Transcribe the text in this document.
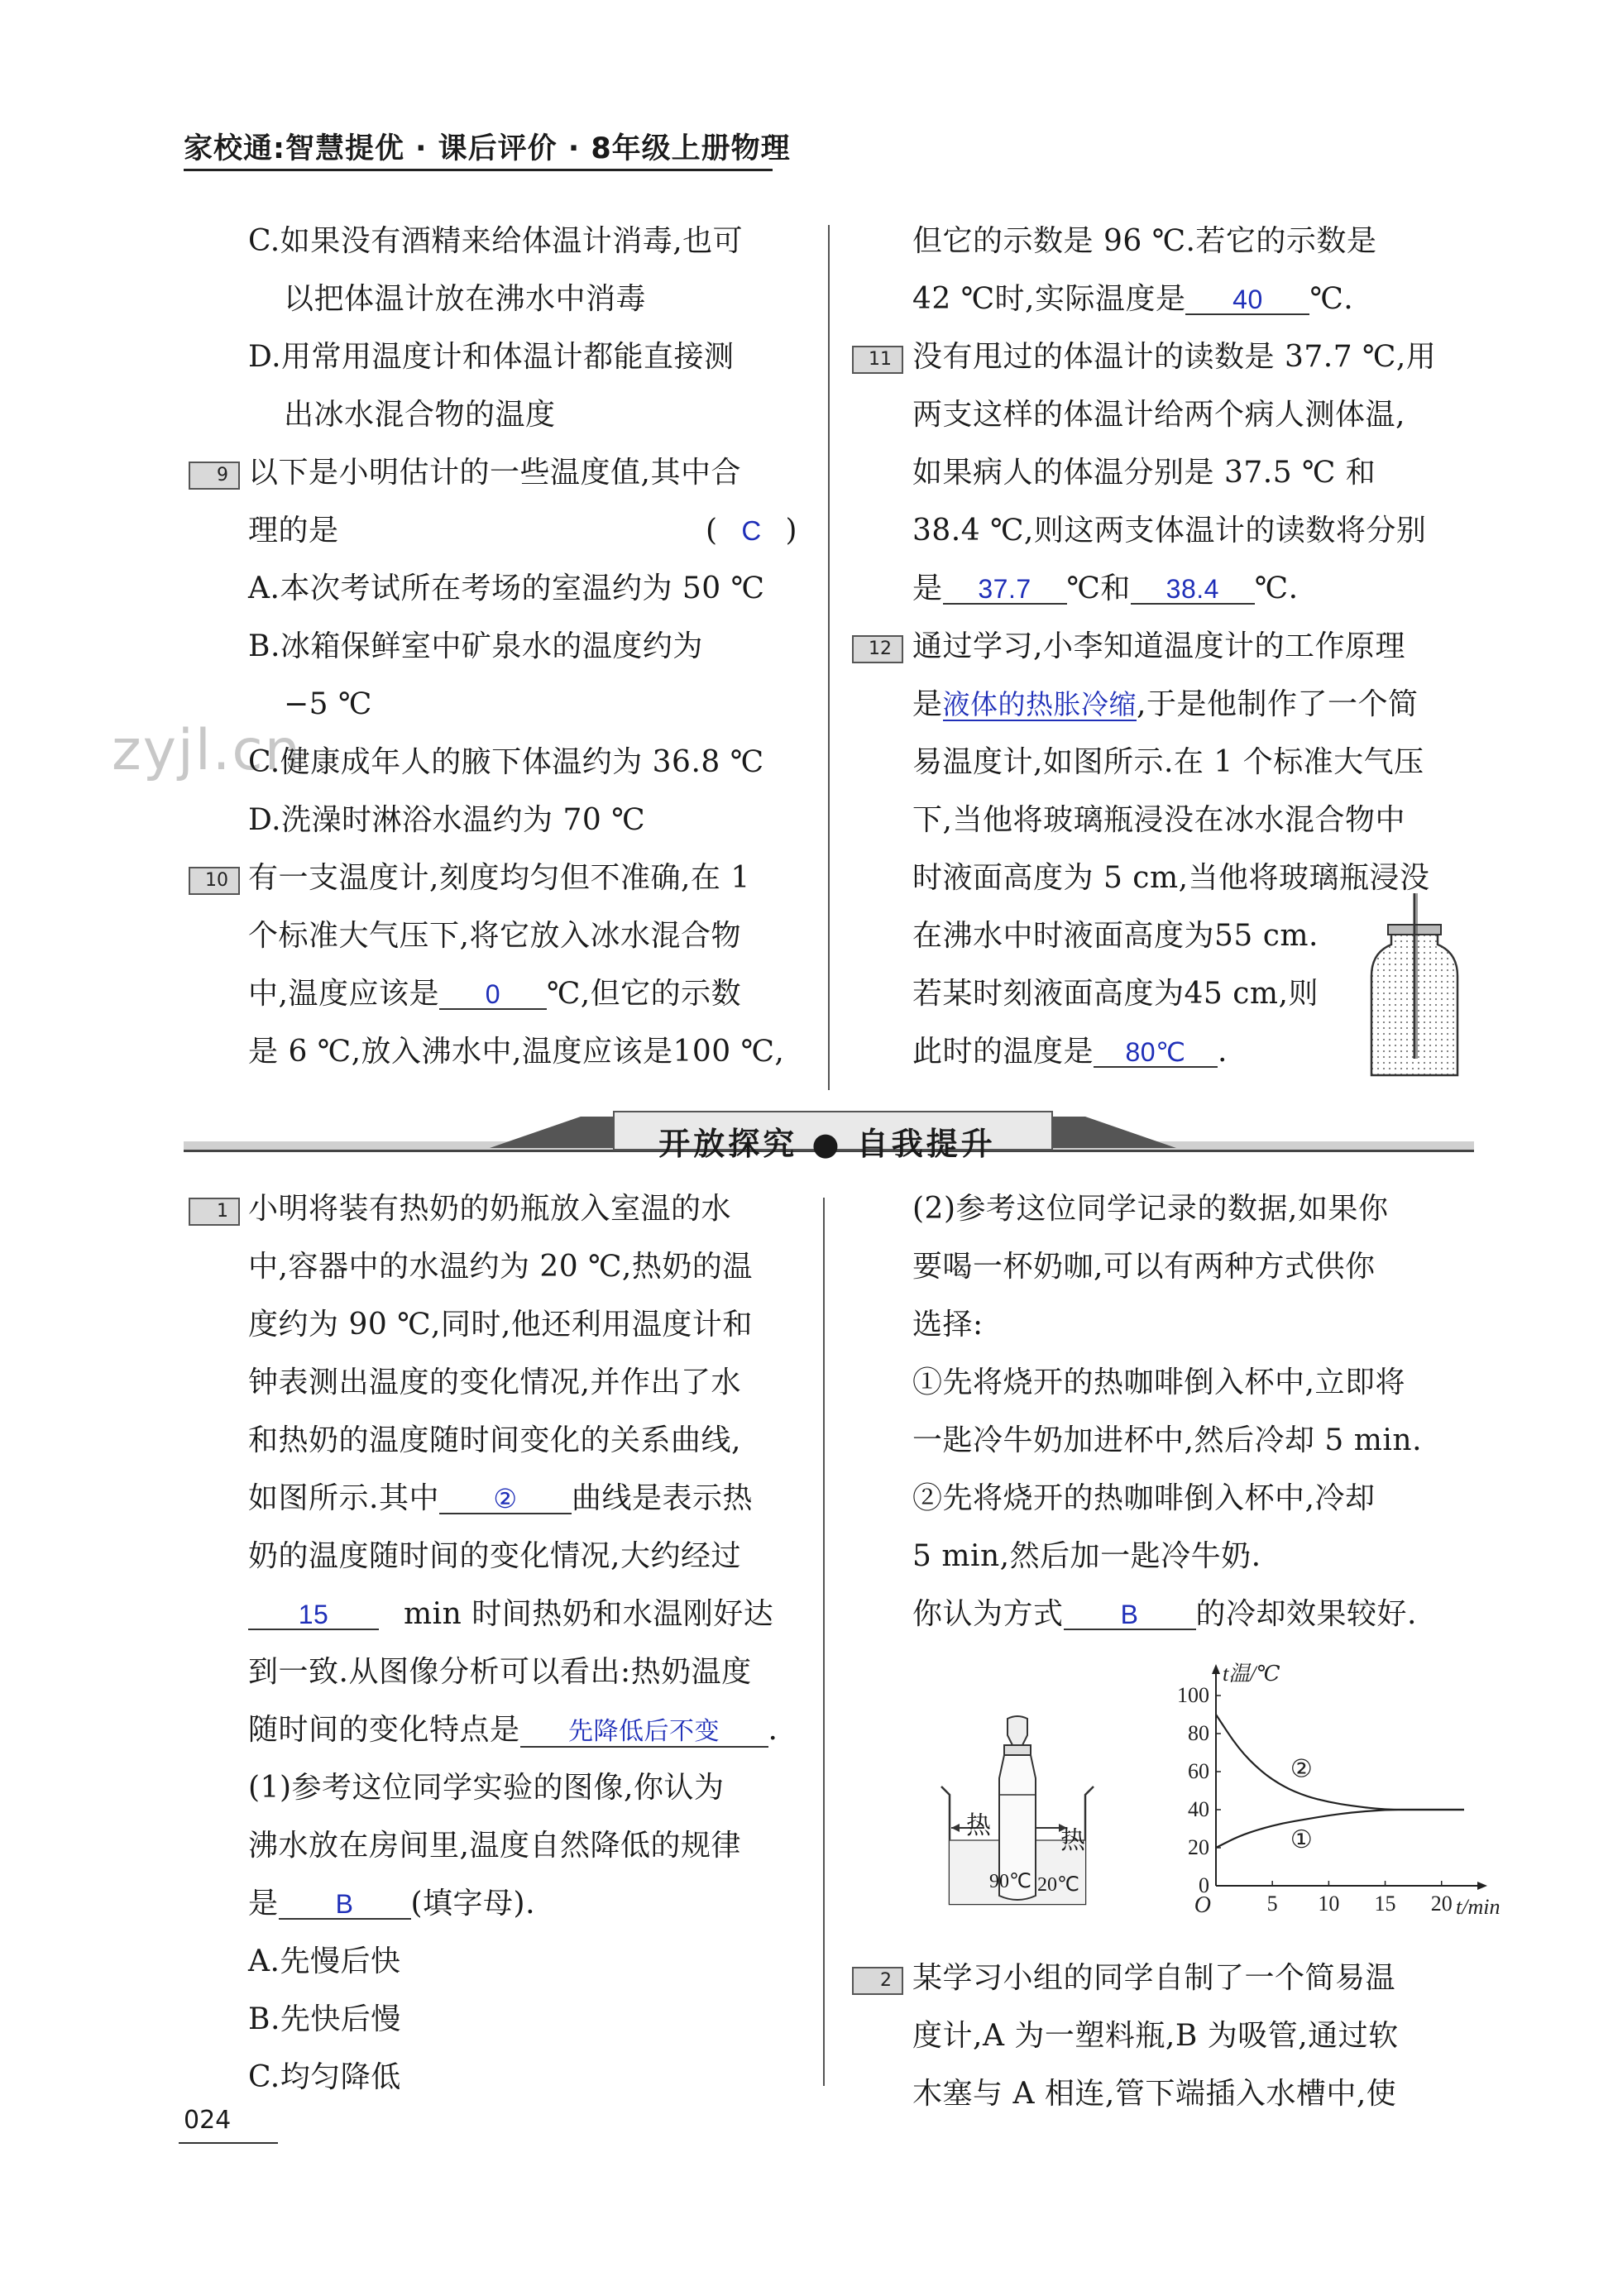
家校通:智慧提优 · 课后评价 · 8年级上册物理
zyjl.cn
C.如果没有酒精来给体温计消毒,也可
以把体温计放在沸水中消毒
D.用常用温度计和体温计都能直接测
出冰水混合物的温度
9 以下是小明估计的一些温度值,其中合
理的是	( C )
A.本次考试所在考场的室温约为 50 ℃
B.冰箱保鲜室中矿泉水的温度约为
−5 ℃
C.健康成年人的腋下体温约为 36.8 ℃
D.洗澡时淋浴水温约为 70 ℃
10 有一支温度计,刻度均匀但不准确,在 1
个标准大气压下,将它放入冰水混合物
中,温度应该是 0 ℃,但它的示数
是 6 ℃,放入沸水中,温度应该是100 ℃,
但它的示数是 96 ℃.若它的示数是
42 ℃时,实际温度是 40 ℃.
11 没有甩过的体温计的读数是 37.7 ℃,用
两支这样的体温计给两个病人测体温,
如果病人的体温分别是 37.5 ℃ 和
38.4 ℃,则这两支体温计的读数将分别
是 37.7 ℃和 38.4 ℃.
12 通过学习,小李知道温度计的工作原理
是液体的热胀冷缩,于是他制作了一个简
易温度计,如图所示.在 1 个标准大气压
下,当他将玻璃瓶浸没在冰水混合物中
时液面高度为 5 cm,当他将玻璃瓶浸没
在沸水中时液面高度为55 cm.
若某时刻液面高度为45 cm,则
此时的温度是 80℃ .
开放探究 ● 自我提升
1 小明将装有热奶的奶瓶放入室温的水
中,容器中的水温约为 20 ℃,热奶的温
度约为 90 ℃,同时,他还利用温度计和
钟表测出温度的变化情况,并作出了水
和热奶的温度随时间变化的关系曲线,
如图所示.其中 ② 曲线是表示热
奶的温度随时间的变化情况,大约经过
15	min 时间热奶和水温刚好达
到一致.从图像分析可以看出:热奶温度
随时间的变化特点是 先降低后不变 .
(1)参考这位同学实验的图像,你认为
沸水放在房间里,温度自然降低的规律
是 B (填字母).
A.先慢后快
B.先快后慢
C.均匀降低
(2)参考这位同学记录的数据,如果你
要喝一杯奶咖,可以有两种方式供你
选择:
①先将烧开的热咖啡倒入杯中,立即将
一匙冷牛奶加进杯中,然后冷却 5 min.
②先将烧开的热咖啡倒入杯中,冷却
5 min,然后加一匙冷牛奶.
你认为方式 B 的冷却效果较好.
热
热
90℃ 20℃	0
20
40
60
80
100
5 10 15 20
O
t温/℃
t/min
②
①
2 某学习小组的同学自制了一个简易温
度计,A 为一塑料瓶,B 为吸管,通过软
木塞与 A 相连,管下端插入水槽中,使
024
